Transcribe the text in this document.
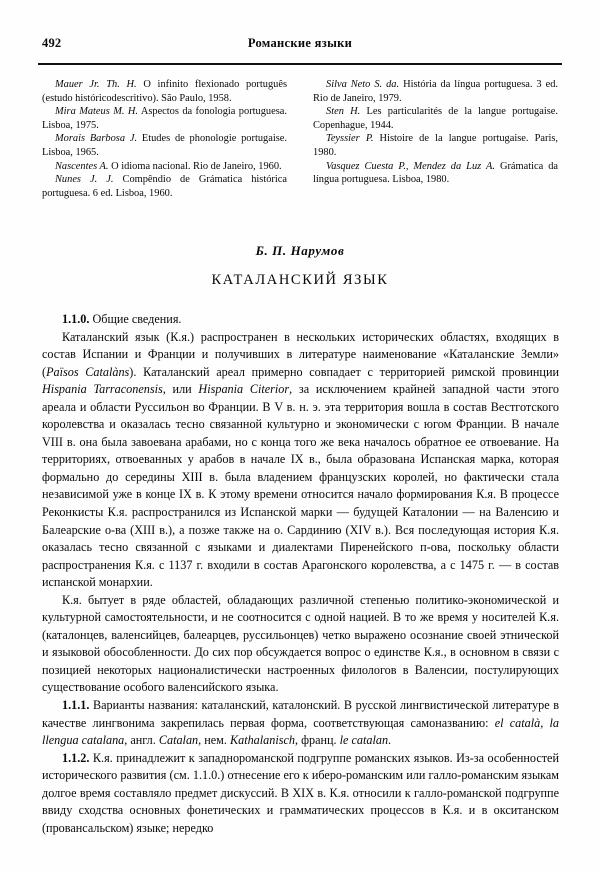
492	Романские языки

Mauer Jr. Th. H. O infinito flexionado português (estudo históricodescritivo). São Paulo, 1958.

Mira Mateus M. H. Aspectos da fonologia portuguesa. Lisboa, 1975.

Morais Barbosa J. Etudes de phonologie portugaise. Lisboa, 1965.

Nascentes A. O idioma nacional. Rio de Janeiro, 1960.

Nunes J. J. Compêndio de Grámatica histórica portuguesa. 6 ed. Lisboa, 1960.

Silva Neto S. da. História da língua portuguesa. 3 ed. Rio de Janeiro, 1979.

Sten H. Les particularités de la langue portugaise. Copenhague, 1944.

Teyssier P. Histoire de la langue portugaise. Paris, 1980.

Vasquez Cuesta P., Mendez da Luz A. Grámatica da língua portuguesa. Lisboa, 1980.

Б. П. Нарумов
КАТАЛАНСКИЙ ЯЗЫК

1.1.0. Общие сведения.

Каталанский язык (К.я.) распространен в нескольких исторических областях, входящих в состав Испании и Франции и получивших в литературе наименование «Каталанские Земли» (Països Catalàns). Каталанский ареал примерно совпадает с территорией римской провинции Hispania Tarraconensis, или Hispania Citerior, за исключением крайней западной части этого ареала и области Руссильон во Франции. В V в. н. э. эта территория вошла в состав Вестготского королевства и оказалась тесно связанной культурно и экономически с югом Франции. В начале VIII в. она была завоевана арабами, но с конца того же века началось обратное ее отвоевание. На территориях, отвоеванных у арабов в начале IX в., была образована Испанская марка, которая формально до середины XIII в. была владением французских королей, но фактически стала независимой уже в конце IX в. К этому времени относится начало формирования К.я. В процессе Реконкисты К.я. распространился из Испанской марки — будущей Каталонии — на Валенсию и Балеарские о-ва (XIII в.), а позже также на о. Сардинию (XIV в.). Вся последующая история К.я. оказалась тесно связанной с языками и диалектами Пиренейского п-ова, поскольку области распространения К.я. с 1137 г. входили в состав Арагонского королевства, а с 1475 г. — в состав испанской монархии.

К.я. бытует в ряде областей, обладающих различной степенью политико-экономической и культурной самостоятельности, и не соотносится с одной нацией. В то же время у носителей К.я. (каталонцев, валенсийцев, балеарцев, руссильонцев) четко выражено осознание своей этнической и языковой обособленности. До сих пор обсуждается вопрос о единстве К.я., в основном в связи с позицией некоторых националистически настроенных филологов в Валенсии, постулирующих существование особого валенсийского языка.

1.1.1. Варианты названия: каталанский, каталонский. В русской лингвистической литературе в качестве лингвонима закрепилась первая форма, соответствующая самоназванию: el català, la llengua catalana, англ. Catalan, нем. Kathalanisch, франц. le catalan.

1.1.2. К.я. принадлежит к западнороманской подгруппе романских языков. Из-за особенностей исторического развития (см. 1.1.0.) отнесение его к иберо-романским или галло-романским языкам долгое время составляло предмет дискуссий. В XIX в. К.я. относили к галло-романской подгруппе ввиду сходства основных фонетических и грамматических процессов в К.я. и в окситанском (провансальском) языке; нередко
